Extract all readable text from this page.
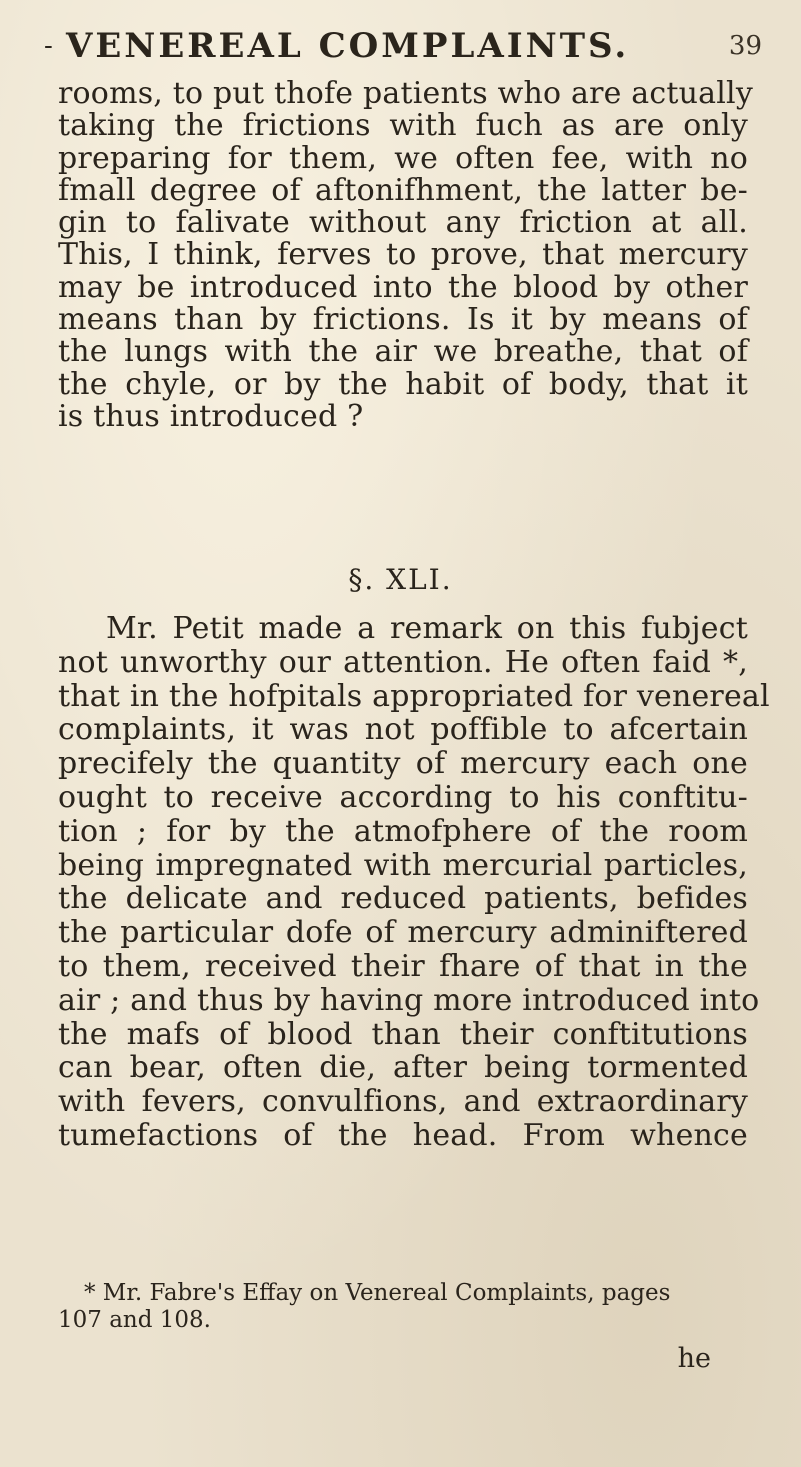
- VENEREAL COMPLAINTS.	39
rooms, to put thofe patients who are actually
taking the frictions with fuch as are only
preparing for them, we often fee, with no
fmall degree of aftonifhment, the latter be-
gin to falivate without any friction at all.
This, I think, ferves to prove, that mercury
may be introduced into the blood by other
means than by frictions. Is it by means of
the lungs with the air we breathe, that of
the chyle, or by the habit of body, that it
is thus introduced ?
§. XLI.
Mr. Petit made a remark on this fubject
not unworthy our attention. He often faid *,
that in the hofpitals appropriated for venereal
complaints, it was not poffible to afcertain
precifely the quantity of mercury each one
ought to receive according to his conftitu-
tion ; for by the atmofphere of the room
being impregnated with mercurial particles,
the delicate and reduced patients, befides
the particular dofe of mercury adminiftered
to them, received their fhare of that in the
air ; and thus by having more introduced into
the mafs of blood than their conftitutions
can bear, often die, after being tormented
with fevers, convulfions, and extraordinary
tumefactions of the head. From whence
* Mr. Fabre's Effay on Venereal Complaints, pages
107 and 108.
he
